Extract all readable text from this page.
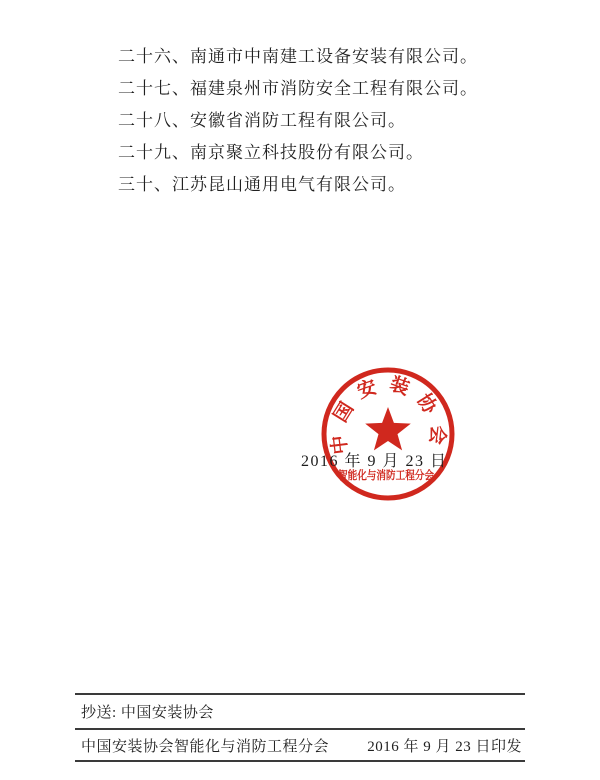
二十六、南通市中南建工设备安装有限公司。
二十七、福建泉州市消防安全工程有限公司。
二十八、安徽省消防工程有限公司。
二十九、南京聚立科技股份有限公司。
三十、江苏昆山通用电气有限公司。
中国安装协会
智能化与消防工程分会
2016 年 9 月 23 日
抄送: 中国安装协会
中国安装协会智能化与消防工程分会	2016 年 9 月 23 日印发
